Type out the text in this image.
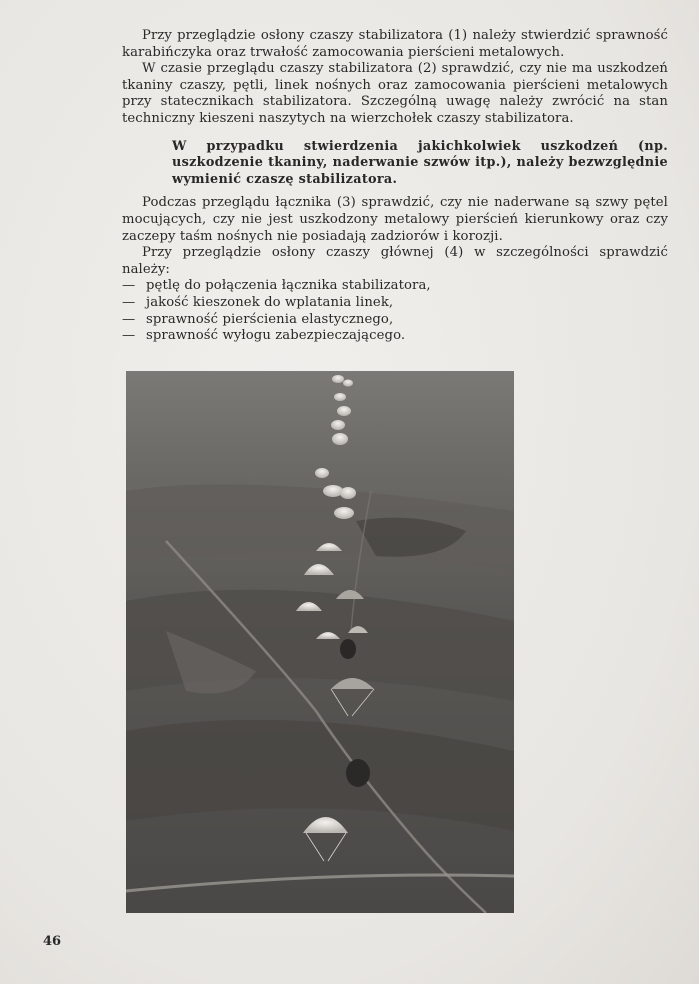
Przy przeglądzie osłony czaszy stabilizatora (1) należy stwierdzić sprawność karabińczyka oraz trwałość zamocowania pierścieni metalowych.

W czasie przeglądu czaszy stabilizatora (2) sprawdzić, czy nie ma uszkodzeń tkaniny czaszy, pętli, linek nośnych oraz zamocowania pierścieni metalowych przy statecznikach stabilizatora. Szczególną uwagę należy zwrócić na stan techniczny kieszeni naszytych na wierzchołek czaszy stabilizatora.

W przypadku stwierdzenia jakichkolwiek uszkodzeń (np. uszkodzenie tkaniny, naderwanie szwów itp.), należy bezwzględnie wymienić czaszę stabilizatora.

Podczas przeglądu łącznika (3) sprawdzić, czy nie naderwane są szwy pętel mocujących, czy nie jest uszkodzony metalowy pierścień kierunkowy oraz czy zaczepy taśm nośnych nie posiadają zadziorów i korozji.

Przy przeglądzie osłony czaszy głównej (4) w szczególności sprawdzić należy:

— pętlę do połączenia łącznika stabilizatora,
— jakość kieszonek do wplatania linek,
— sprawność pierścienia elastycznego,
— sprawność wyłogu zabezpieczającego.
46
